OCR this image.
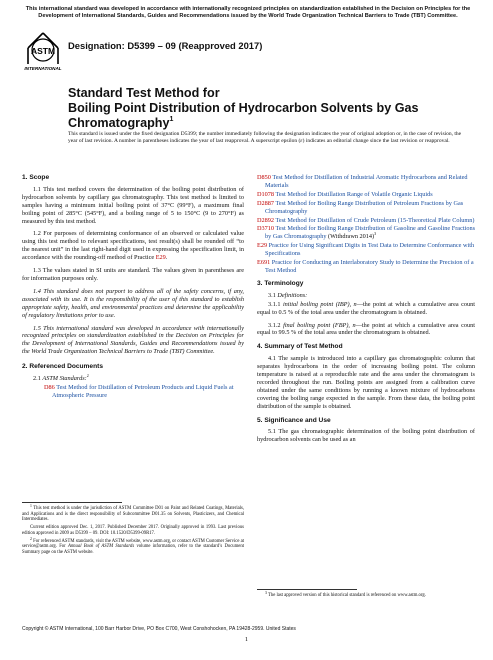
This international standard was developed in accordance with internationally recognized principles on standardization established in the Decision on Principles for the Development of International Standards, Guides and Recommendations issued by the World Trade Organization Technical Barriers to Trade (TBT) Committee.
ASTM
INTERNATIONAL
Designation: D5399 – 09 (Reapproved 2017)
Standard Test Method for
Boiling Point Distribution of Hydrocarbon Solvents by Gas Chromatography$^1$
This standard is issued under the fixed designation D5399; the number immediately following the designation indicates the year of original adoption or, in the case of revision, the year of last revision. A number in parentheses indicates the year of last reapproval. A superscript epsilon (ε) indicates an editorial change since the last revision or reapproval.
1. Scope

1.1 This test method covers the determination of the boiling point distribution of hydrocarbon solvents by capillary gas chromatography. This test method is limited to samples having a minimum initial boiling point of 37°C (99°F), a maximum final boiling point of 285°C (545°F), and a boiling range of 5 to 150°C (9 to 270°F) as measured by this test method.

1.2 For purposes of determining conformance of an observed or calculated value using this test method to relevant specifications, test result(s) shall be rounded off “to the nearest unit” in the last right-hand digit used in expressing the specification limit, in accordance with the rounding-off method of Practice E29.

1.3 The values stated in SI units are standard. The values given in parentheses are for information purposes only.

1.4 This standard does not purport to address all of the safety concerns, if any, associated with its use. It is the responsibility of the user of this standard to establish appropriate safety, health, and environmental practices and determine the applicability of regulatory limitations prior to use.

1.5 This international standard was developed in accordance with internationally recognized principles on standardization established in the Decision on Principles for the Development of International Standards, Guides and Recommendations issued by the World Trade Organization Technical Barriers to Trade (TBT) Committee.

2. Referenced Documents

2.1 ASTM Standards:$^2$

D86 Test Method for Distillation of Petroleum Products and Liquid Fuels at Atmospheric Pressure

$^1$ This test method is under the jurisdiction of ASTM Committee D01 on Paint and Related Coatings, Materials, and Applications and is the direct responsibility of Subcommittee D01.35 on Solvents, Plasticizers, and Chemical Intermediates.

Current edition approved Dec. 1, 2017. Published December 2017. Originally approved in 1993. Last previous edition approved in 2009 as D5399 – 09. DOI: 10.1520/D5399-09R17.

$^2$ For referenced ASTM standards, visit the ASTM website, www.astm.org, or contact ASTM Customer Service at service@astm.org. For Annual Book of ASTM Standards volume information, refer to the standard’s Document Summary page on the ASTM website.

D850 Test Method for Distillation of Industrial Aromatic Hydrocarbons and Related Materials
D1078 Test Method for Distillation Range of Volatile Organic Liquids
D2887 Test Method for Boiling Range Distribution of Petroleum Fractions by Gas Chromatography
D2892 Test Method for Distillation of Crude Petroleum (15-Theoretical Plate Column)
D3710 Test Method for Boiling Range Distribution of Gasoline and Gasoline Fractions by Gas Chromatography (Withdrawn 2014)$^3$
E29 Practice for Using Significant Digits in Test Data to Determine Conformance with Specifications
E691 Practice for Conducting an Interlaboratory Study to Determine the Precision of a Test Method
3. Terminology

3.1 Definitions:

3.1.1 initial boiling point (IBP), n—the point at which a cumulative area count equal to 0.5 % of the total area under the chromatogram is obtained.

3.1.2 final boiling point (FBP), n—the point at which a cumulative area count equal to 99.5 % of the total area under the chromatogram is obtained.

4. Summary of Test Method

4.1 The sample is introduced into a capillary gas chromatographic column that separates hydrocarbons in the order of increasing boiling point. The column temperature is raised at a reproducible rate and the area under the chromatogram is recorded throughout the run. Boiling points are assigned from a calibration curve obtained under the same conditions by running a known mixture of hydrocarbons covering the boiling range expected in the sample. From these data, the boiling point distribution of the sample is obtained.

5. Significance and Use

5.1 The gas chromatographic determination of the boiling point distribution of hydrocarbon solvents can be used as an

$^3$ The last approved version of this historical standard is referenced on www.astm.org.

Copyright © ASTM International, 100 Barr Harbor Drive, PO Box C700, West Conshohocken, PA 19428-2959. United States
1
